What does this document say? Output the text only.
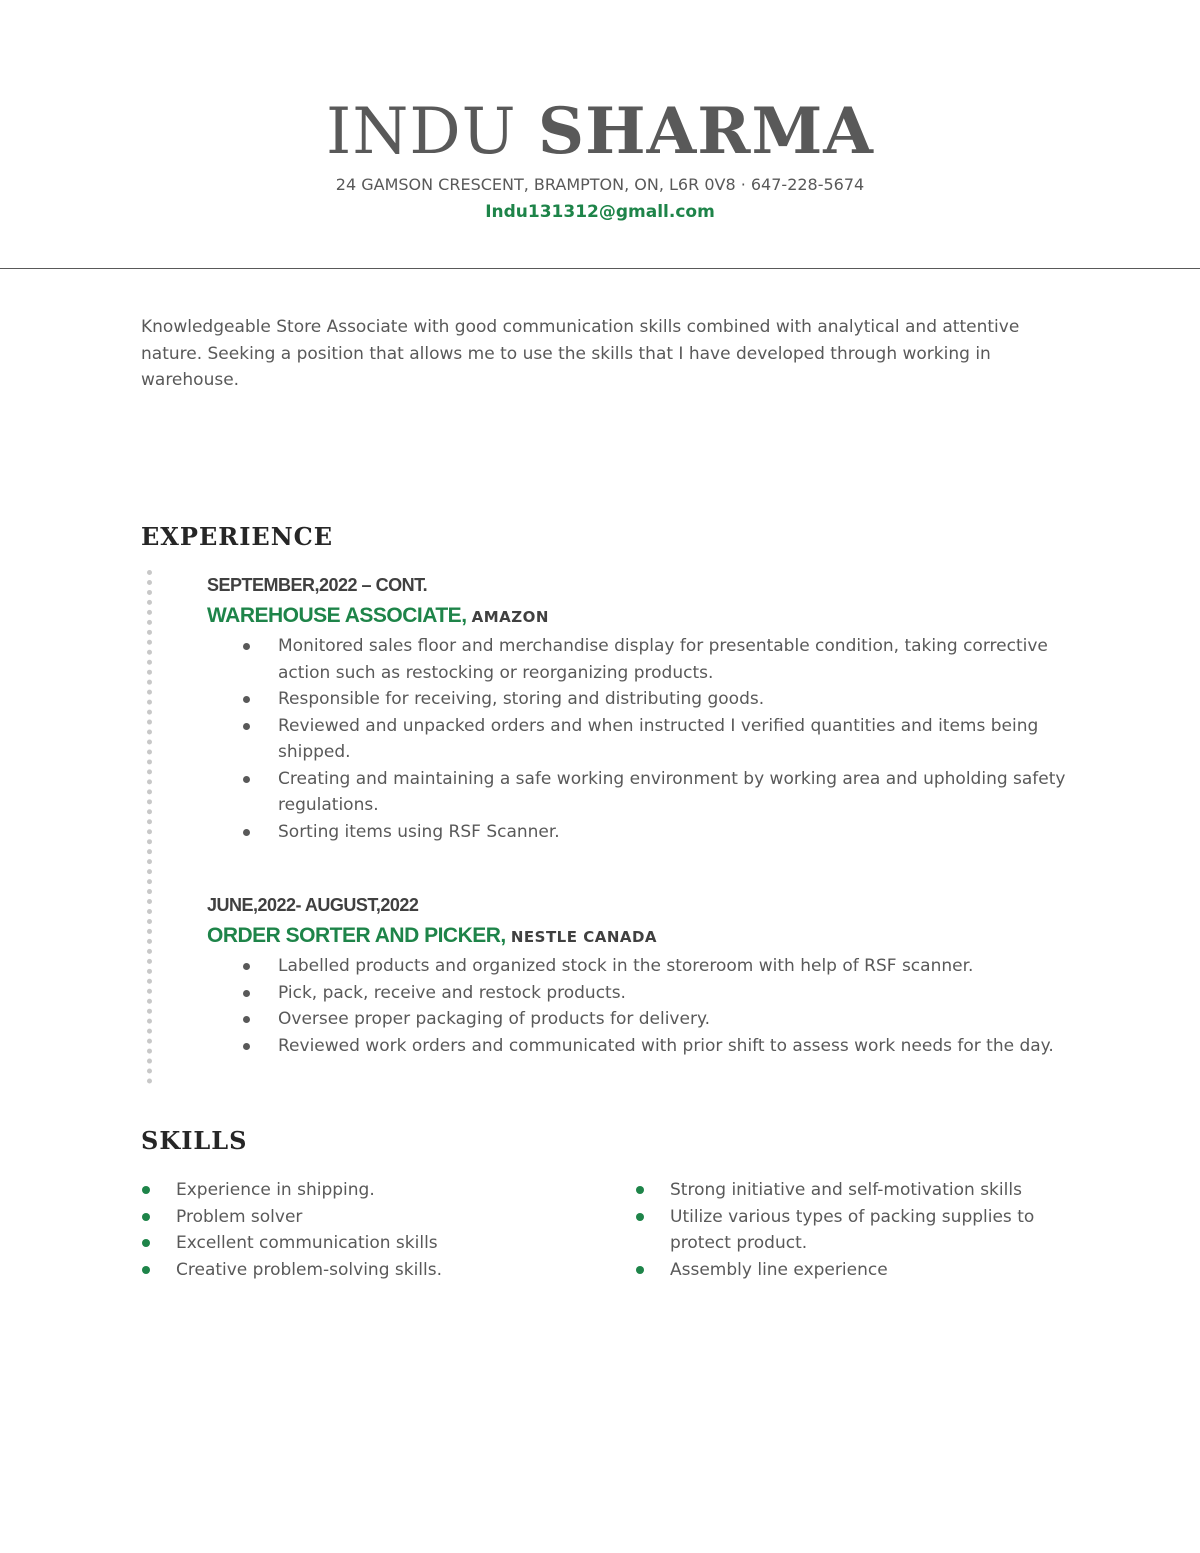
INDU SHARMA
24 GAMSON CRESCENT, BRAMPTON, ON, L6R 0V8 · 647-228-5674
Indu131312@gmall.com

Knowledgeable Store Associate with good communication skills combined with analytical and attentive nature. Seeking a position that allows me to use the skills that I have developed through working in warehouse.

EXPERIENCE

SEPTEMBER,2022 – CONT.

WAREHOUSE ASSOCIATE, AMAZON

Monitored sales floor and merchandise display for presentable condition, taking corrective action such as restocking or reorganizing products.
Responsible for receiving, storing and distributing goods.
Reviewed and unpacked orders and when instructed I verified quantities and items being shipped.
Creating and maintaining a safe working environment by working area and upholding safety regulations.
Sorting items using RSF Scanner.

JUNE,2022- AUGUST,2022

ORDER SORTER AND PICKER, NESTLE CANADA

Labelled products and organized stock in the storeroom with help of RSF scanner.
Pick, pack, receive and restock products.
Oversee proper packaging of products for delivery.
Reviewed work orders and communicated with prior shift to assess work needs for the day.
SKILLS
Experience in shipping.
Problem solver
Excellent communication skills
Creative problem-solving skills.
Strong initiative and self-motivation skills
Utilize various types of packing supplies to protect product.
Assembly line experience
